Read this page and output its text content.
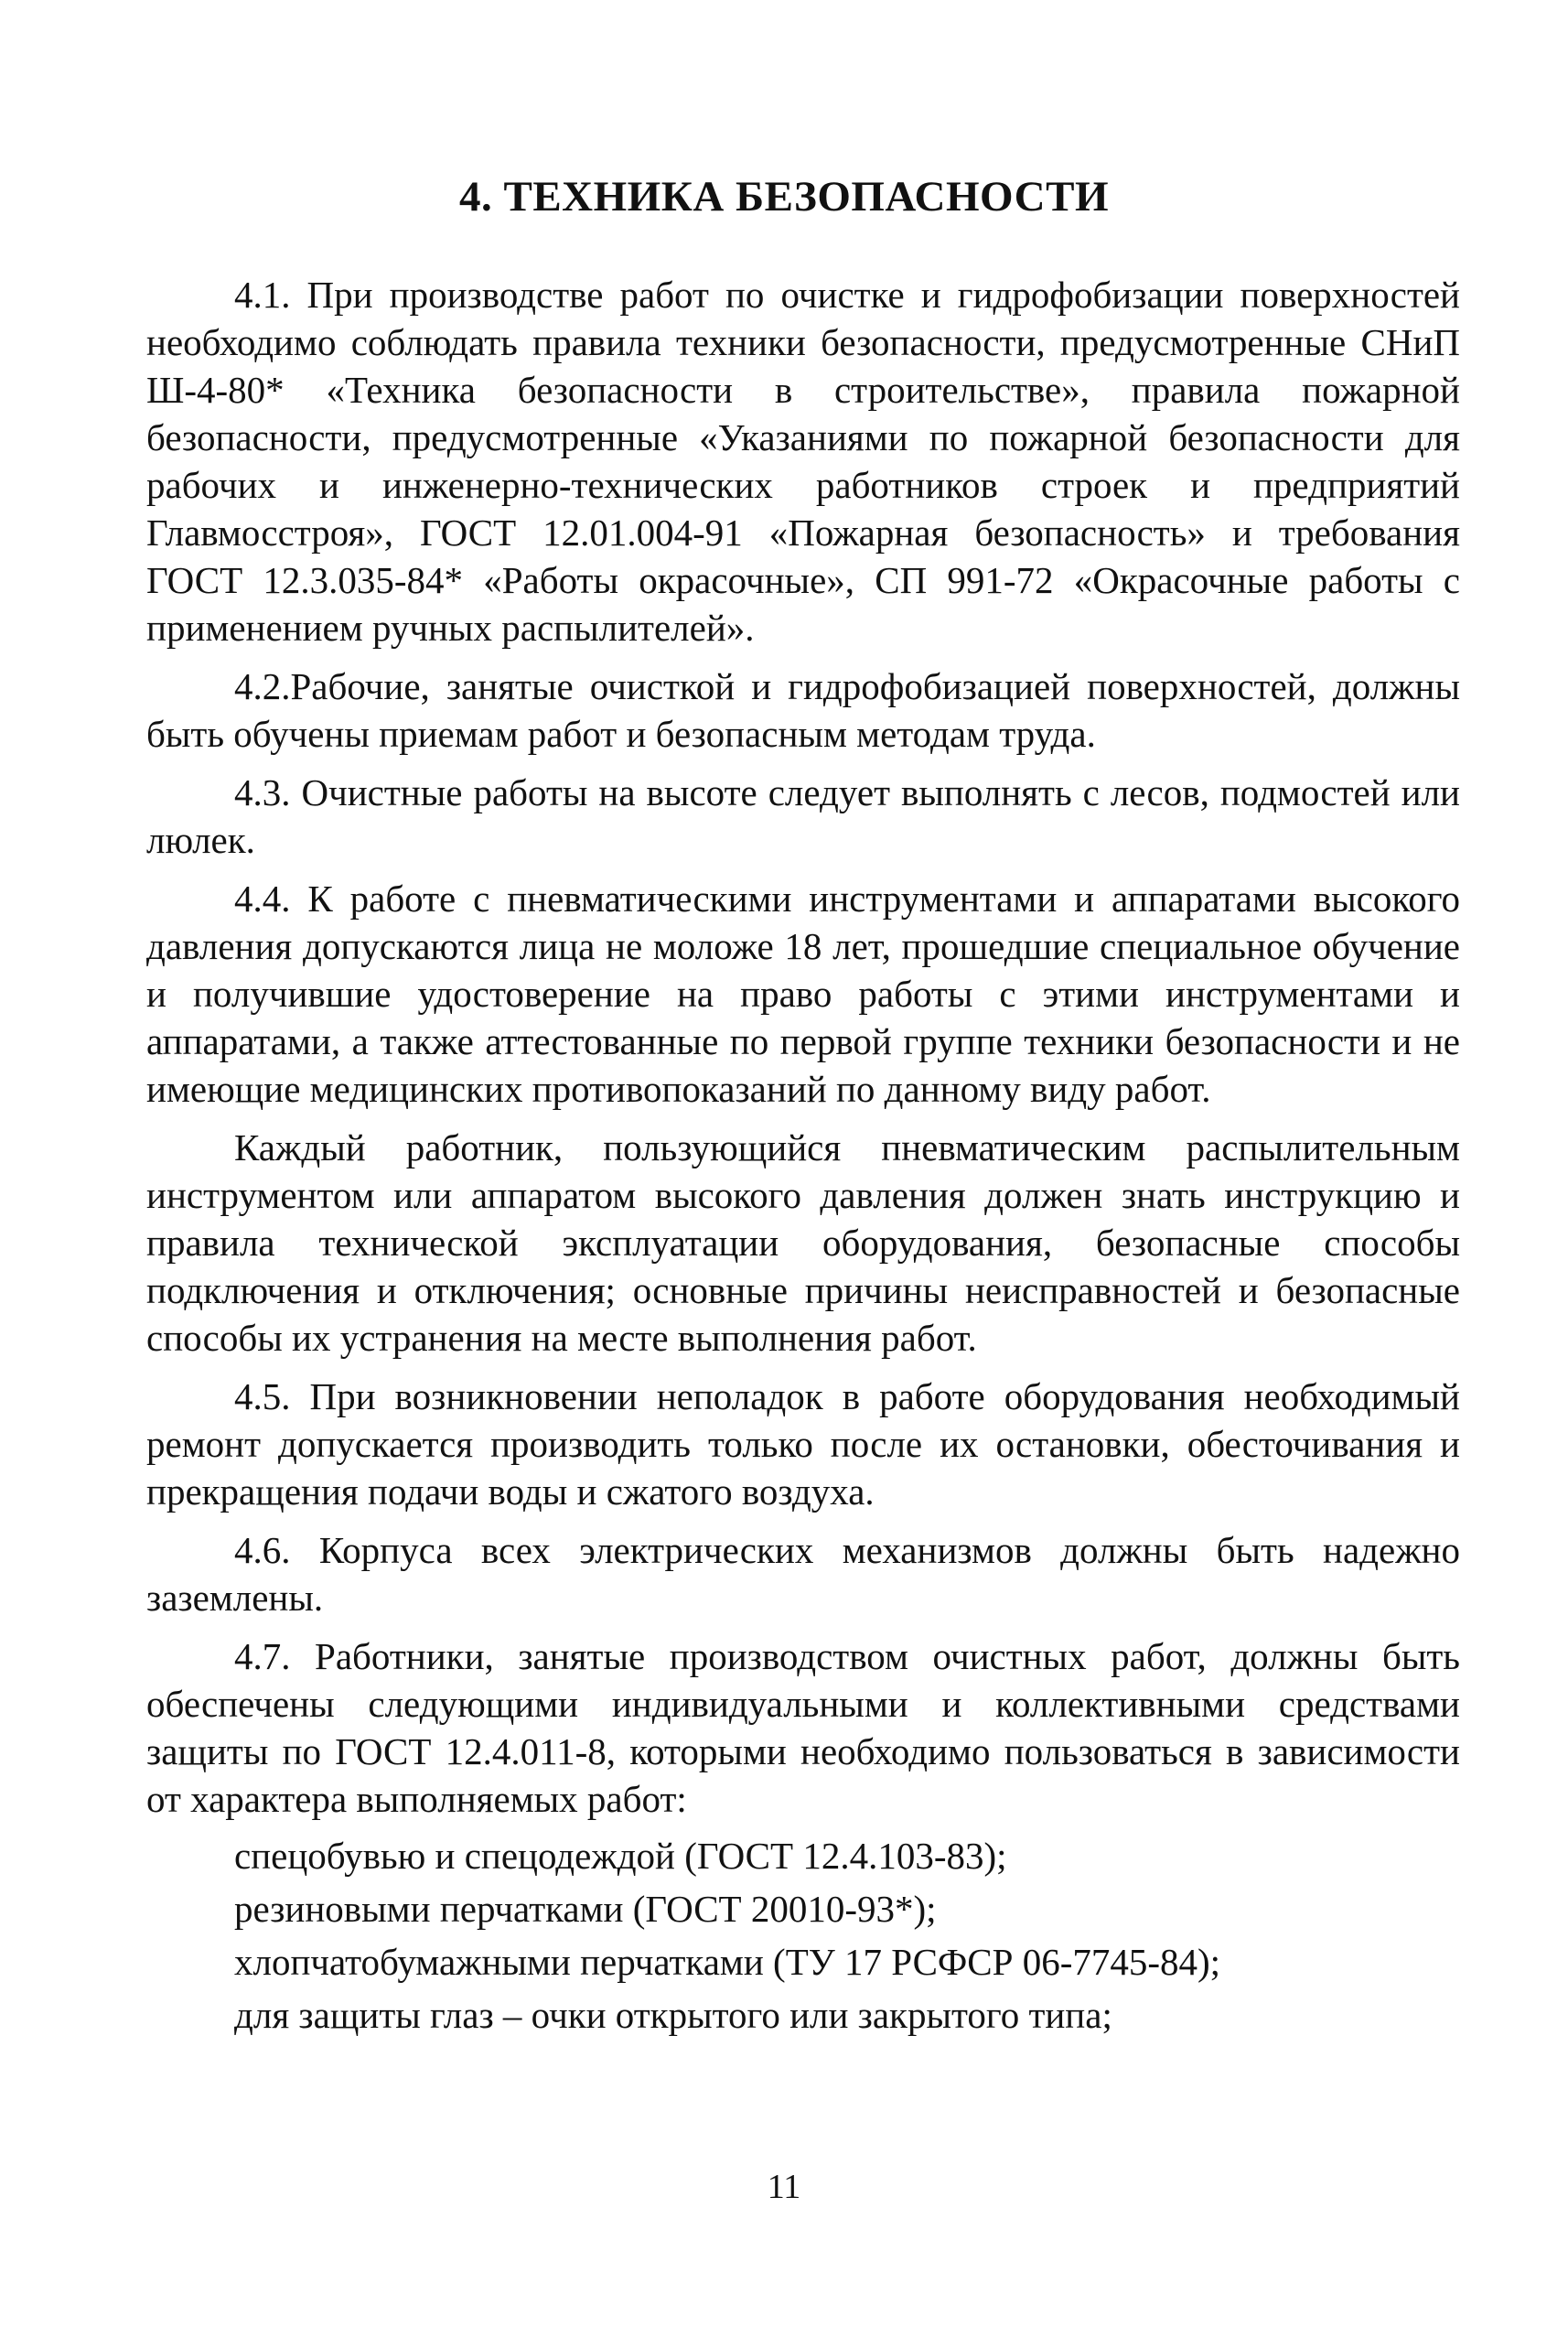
4. ТЕХНИКА БЕЗОПАСНОСТИ

4.1. При производстве работ по очистке и гидрофобизации поверхностей необходимо соблюдать правила техники безопасности, предусмотренные СНиП Ш-4-80* «Техника безопасности в строительстве», правила пожарной безопасности, предусмотренные «Указаниями по пожарной безопасности для рабочих и инженерно-технических работников строек и предприятий Главмосстроя», ГОСТ 12.01.004-91 «Пожарная безопасность» и требования ГОСТ 12.3.035-84* «Работы окрасочные», СП 991-72 «Окрасочные работы с применением ручных распылителей».

4.2.Рабочие, занятые очисткой и гидрофобизацией поверхностей, должны быть обучены приемам работ и безопасным методам труда.

4.3. Очистные работы на высоте следует выполнять с лесов, подмостей или люлек.

4.4. К работе с пневматическими инструментами и аппаратами высокого давления допускаются лица не моложе 18 лет, прошедшие специальное обучение и получившие удостоверение на право работы с этими инструментами и аппаратами, а также аттестованные по первой группе техники безопасности и не имеющие медицинских противопоказаний по данному виду работ.

Каждый работник, пользующийся пневматическим распылительным инструментом или аппаратом высокого давления должен знать инструкцию и правила технической эксплуатации оборудования, безопасные способы подключения и отключения; основные причины неисправностей и безопасные способы их устранения на месте выполнения работ.

4.5. При возникновении неполадок в работе оборудования необходимый ремонт допускается производить только после их остановки, обесточивания и прекращения подачи воды и сжатого воздуха.

4.6. Корпуса всех электрических механизмов должны быть надежно заземлены.

4.7. Работники, занятые производством очистных работ, должны быть обеспечены следующими индивидуальными и коллективными средствами защиты по ГОСТ 12.4.011-8, которыми необходимо пользоваться в зависимости от характера выполняемых работ:

спецобувью и спецодеждой (ГОСТ 12.4.103-83);
резиновыми перчатками (ГОСТ 20010-93*);
хлопчатобумажными перчатками (ТУ 17 РСФСР 06-7745-84);
для защиты глаз – очки открытого или закрытого типа;
11
